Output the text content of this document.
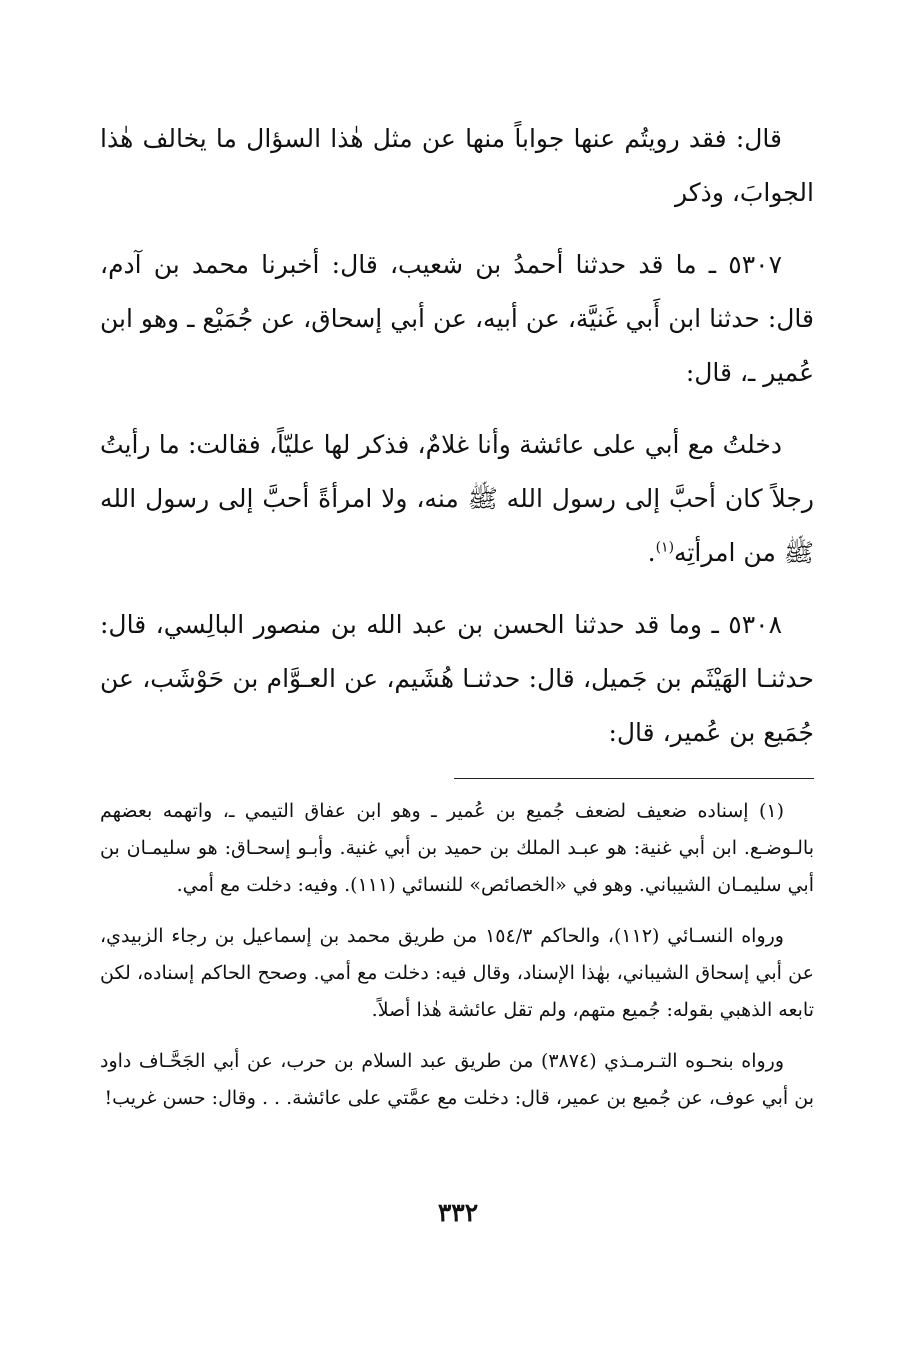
قال: فقد رويتُم عنها جواباً منها عن مثل هٰذا السؤال ما يخالف هٰذا الجوابَ، وذكر

٥٣٠٧ ـ ما قد حدثنا أحمدُ بن شعيب، قال: أخبرنا محمد بن آدم، قال: حدثنا ابن أَبي غَنيَّة، عن أبيه، عن أبي إسحاق، عن جُمَيْع ـ وهو ابن عُمير ـ، قال:

دخلتُ مع أبي على عائشة وأنا غلامٌ، فذكر لها عليّاً، فقالت: ما رأيتُ رجلاً كان أحبَّ إلى رسول الله ﷺ منه، ولا امرأةً أحبَّ إلى رسول الله ﷺ من امرأتِه$^{(١)}$.

٥٣٠٨ ـ وما قد حدثنا الحسن بن عبد الله بن منصور البالِسي، قال: حدثنـا الهَيْثَم بن جَميل، قال: حدثنـا هُشَيم، عن العـوَّام بن حَوْشَب، عن جُمَيع بن عُمير، قال:

(١) إسناده ضعيف لضعف جُميع بن عُمير ـ وهو ابن عفاق التيمي ـ، واتهمه بعضهم بالـوضـع. ابن أبي غنية: هو عبـد الملك بن حميد بن أبي غنية. وأبـو إسحـاق: هو سليمـان بن أبي سليمـان الشيباني. وهو في «الخصائص» للنسائي (١١١). وفيه: دخلت مع أمي.

ورواه النسـائي (١١٢)، والحاكم ١٥٤/٣ من طريق محمد بن إسماعيل بن رجاء الزبيدي، عن أبي إسحاق الشيباني، بهٰذا الإسناد، وقال فيه: دخلت مع أمي. وصحح الحاكم إسناده، لكن تابعه الذهبي بقوله: جُميع متهم، ولم تقل عائشة هٰذا أصلاً.

ورواه بنحـوه التـرمـذي (٣٨٧٤) من طريق عبد السلام بن حرب، عن أبي الجَحَّـاف داود بن أبي عوف، عن جُميع بن عمير، قال: دخلت مع عمَّتي على عائشة. . . وقال: حسن غريب!

٣٣٢
